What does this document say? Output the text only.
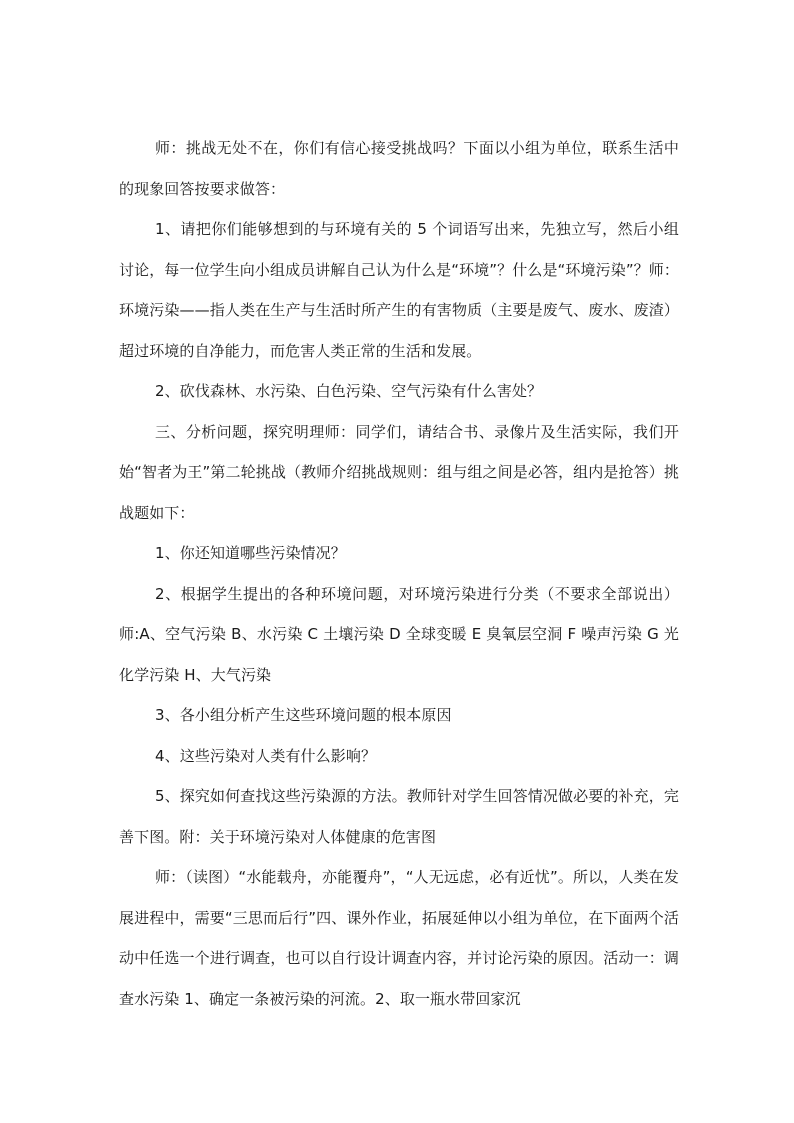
师：挑战无处不在，你们有信心接受挑战吗？下面以小组为单位，联系生活中的现象回答按要求做答：

1、请把你们能够想到的与环境有关的 5 个词语写出来，先独立写，然后小组讨论，每一位学生向小组成员讲解自己认为什么是“环境”？什么是“环境污染”？师：环境污染——指人类在生产与生活时所产生的有害物质（主要是废气、废水、废渣）超过环境的自净能力，而危害人类正常的生活和发展。

2、砍伐森林、水污染、白色污染、空气污染有什么害处？

三、分析问题，探究明理师：同学们，请结合书、录像片及生活实际，我们开始“智者为王”第二轮挑战（教师介绍挑战规则：组与组之间是必答，组内是抢答）挑战题如下：

1、你还知道哪些污染情况？

2、根据学生提出的各种环境问题，对环境污染进行分类（不要求全部说出）师:A、空气污染 B、水污染 C 土壤污染 D 全球变暖 E 臭氧层空洞 F 噪声污染 G 光化学污染 H、大气污染

3、各小组分析产生这些环境问题的根本原因

4、这些污染对人类有什么影响？

5、探究如何查找这些污染源的方法。教师针对学生回答情况做必要的补充，完善下图。附：关于环境污染对人体健康的危害图

师：（读图）“水能载舟，亦能覆舟”，“人无远虑，必有近忧”。所以，人类在发展进程中，需要“三思而后行”四、课外作业，拓展延伸以小组为单位，在下面两个活动中任选一个进行调查，也可以自行设计调查内容，并讨论污染的原因。活动一：调查水污染 1、确定一条被污染的河流。2、取一瓶水带回家沉
